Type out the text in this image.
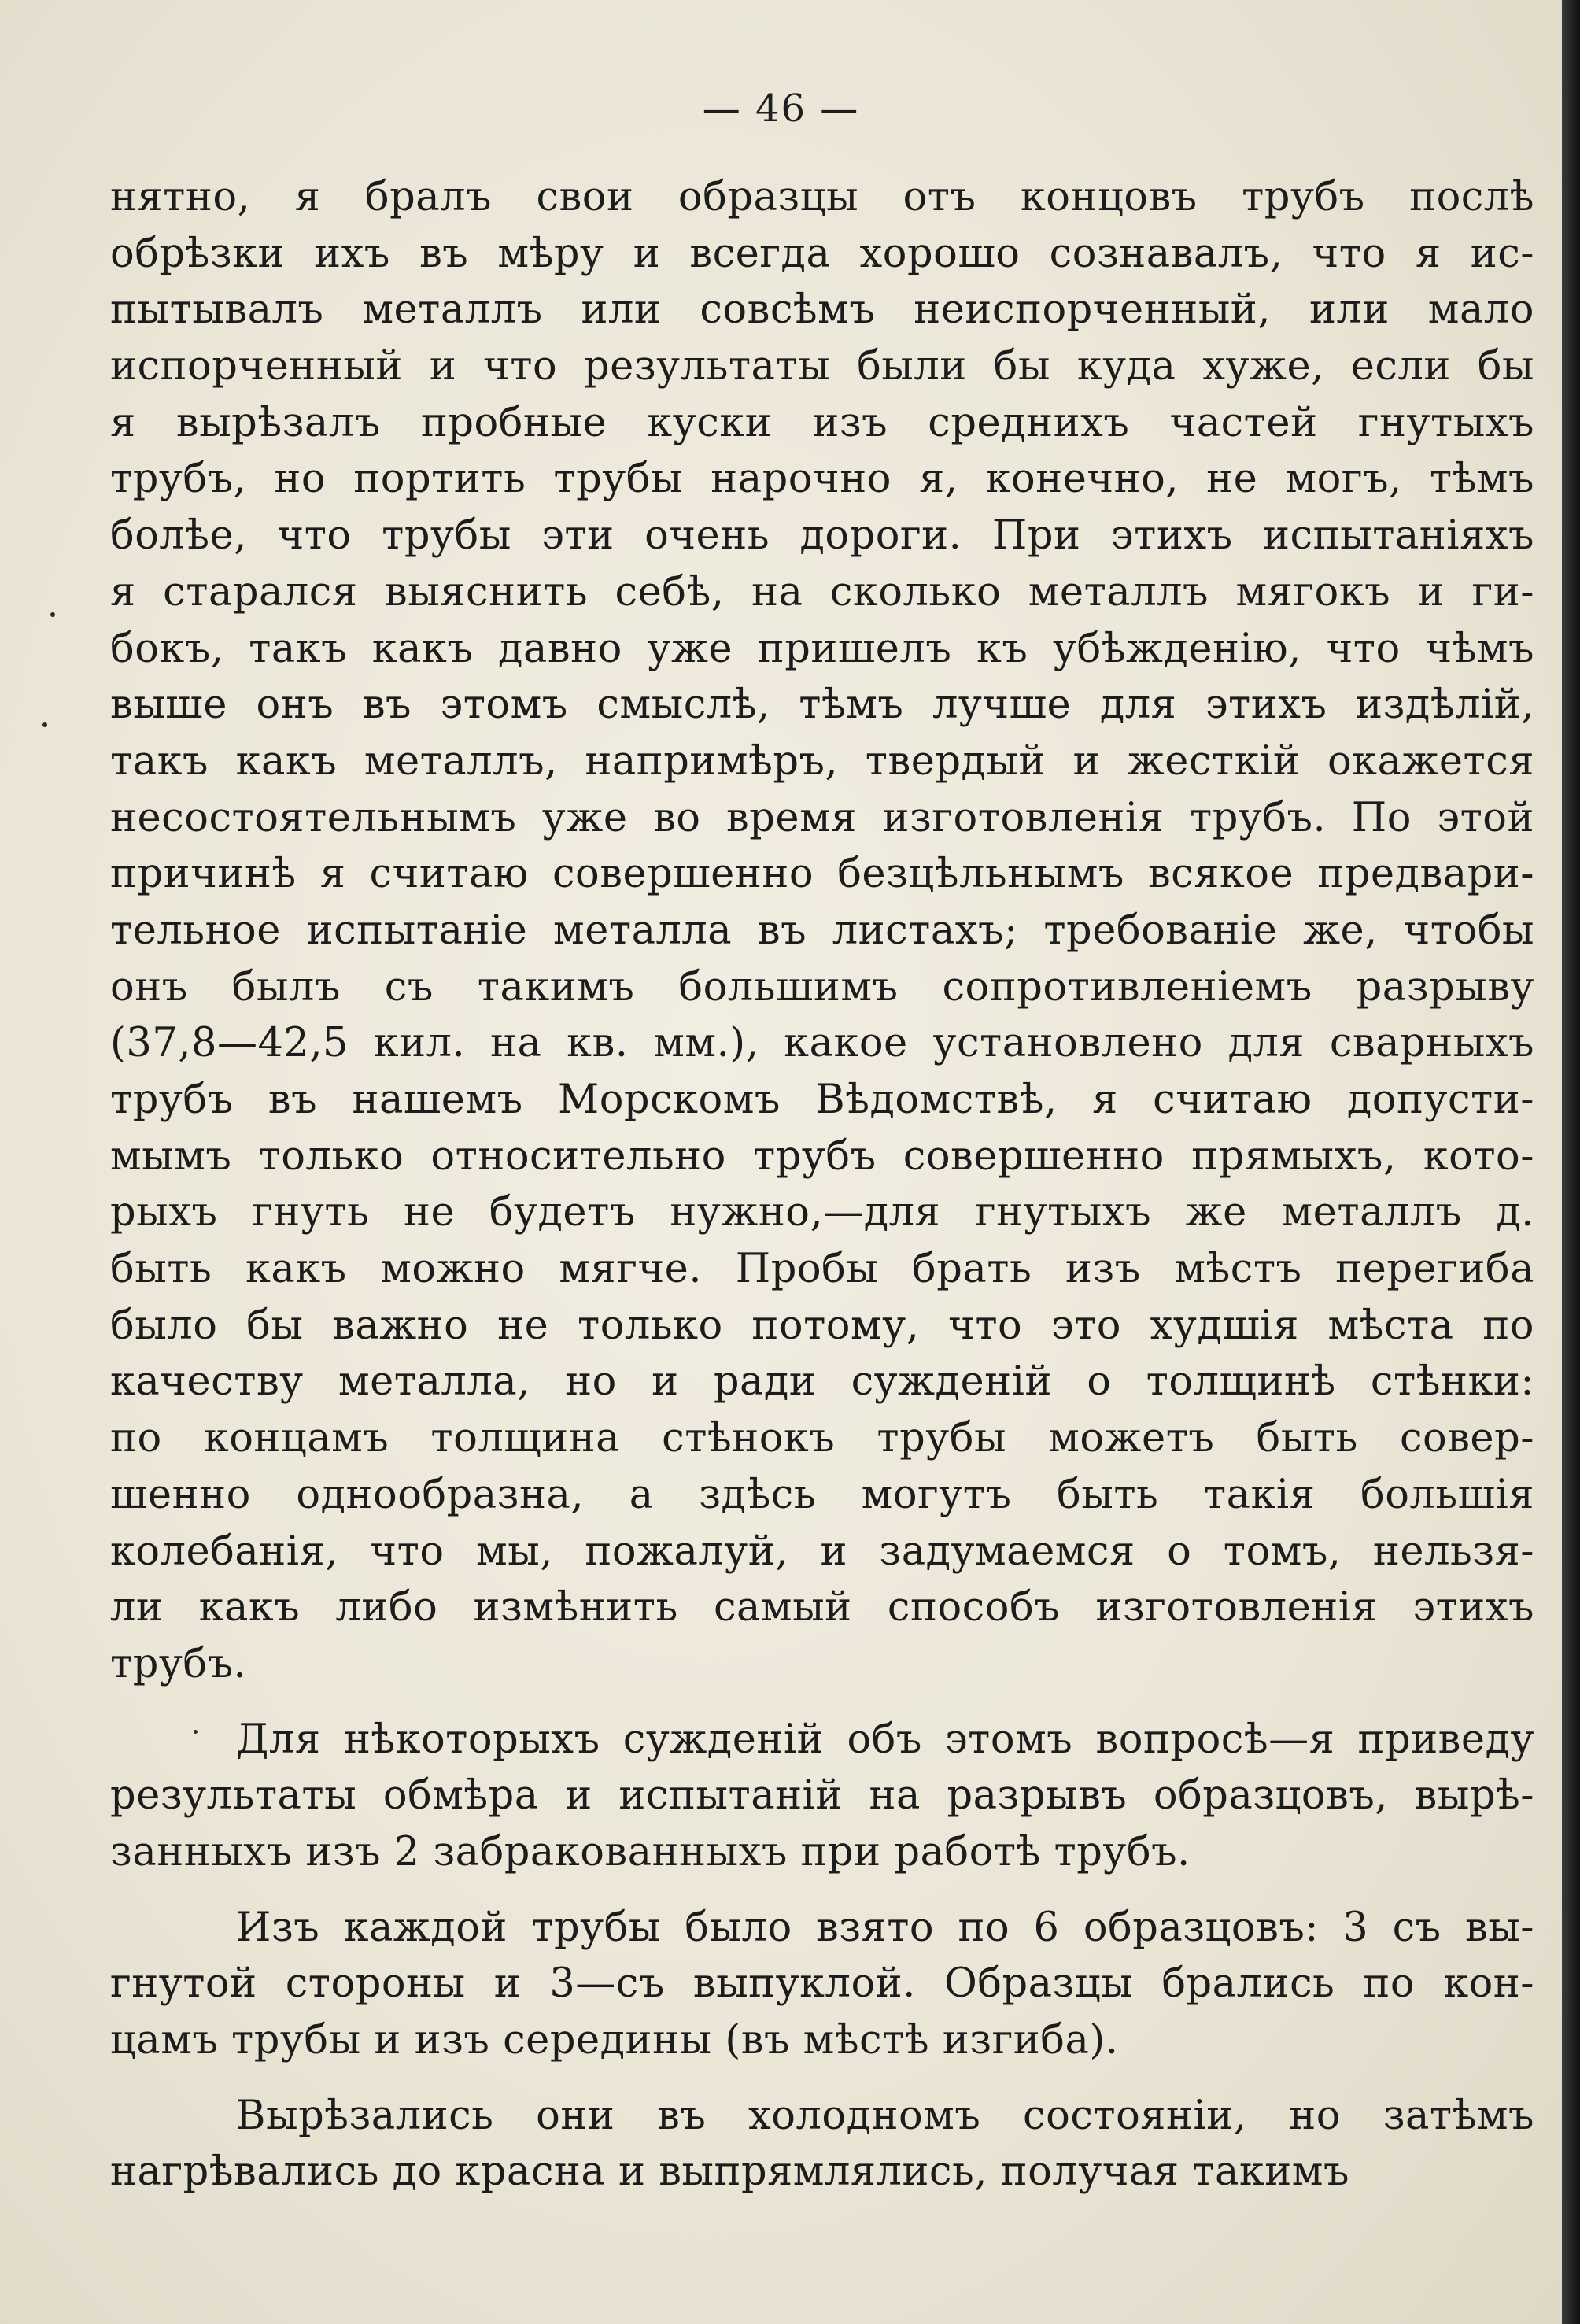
— 46 —
нятно, я бралъ свои образцы отъ концовъ трубъ послѣ
обрѣзки ихъ въ мѣру и всегда хорошо сознавалъ, что я ис-
пытывалъ металлъ или совсѣмъ неиспорченный, или мало
испорченный и что результаты были бы куда хуже, если бы
я вырѣзалъ пробные куски изъ среднихъ частей гнутыхъ
трубъ, но портить трубы нарочно я, конечно, не могъ, тѣмъ
болѣе, что трубы эти очень дороги. При этихъ испытаніяхъ
я старался выяснить себѣ, на сколько металлъ мягокъ и ги-
бокъ, такъ какъ давно уже пришелъ къ убѣжденію, что чѣмъ
выше онъ въ этомъ смыслѣ, тѣмъ лучше для этихъ издѣлій,
такъ какъ металлъ, напримѣръ, твердый и жесткій окажется
несостоятельнымъ уже во время изготовленія трубъ. По этой
причинѣ я считаю совершенно безцѣльнымъ всякое предвари-
тельное испытаніе металла въ листахъ; требованіе же, чтобы
онъ былъ съ такимъ большимъ сопротивленіемъ разрыву
(37,8—42,5 кил. на кв. мм.), какое установлено для сварныхъ
трубъ въ нашемъ Морскомъ Вѣдомствѣ, я считаю допусти-
мымъ только относительно трубъ совершенно прямыхъ, кото-
рыхъ гнуть не будетъ нужно,—для гнутыхъ же металлъ д.
быть какъ можно мягче. Пробы брать изъ мѣстъ перегиба
было бы важно не только потому, что это худшія мѣста по
качеству металла, но и ради сужденій о толщинѣ стѣнки:
по концамъ толщина стѣнокъ трубы можетъ быть совер-
шенно однообразна, а здѣсь могутъ быть такія большія
колебанія, что мы, пожалуй, и задумаемся о томъ, нельзя-
ли какъ либо измѣнить самый способъ изготовленія этихъ
трубъ.
Для нѣкоторыхъ сужденій объ этомъ вопросѣ—я приведу
результаты обмѣра и испытаній на разрывъ образцовъ, вырѣ-
занныхъ изъ 2 забракованныхъ при работѣ трубъ.
Изъ каждой трубы было взято по 6 образцовъ: 3 съ вы-
гнутой стороны и 3—съ выпуклой. Образцы брались по кон-
цамъ трубы и изъ середины (въ мѣстѣ изгиба).
Вырѣзались они въ холодномъ состояніи, но затѣмъ
нагрѣвались до красна и выпрямлялись, получая такимъ
